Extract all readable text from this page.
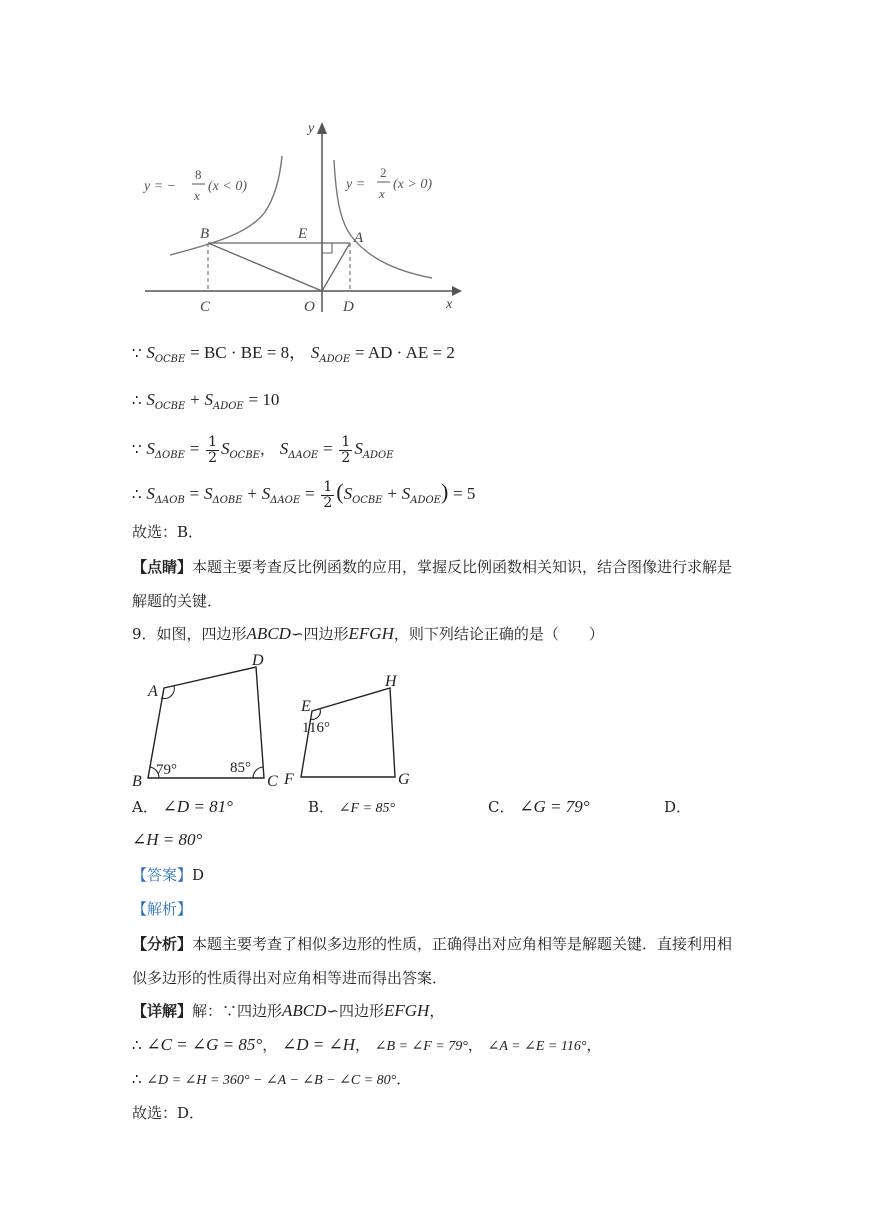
B	E	A
C	O D	x
y
y = −
8
x
(x < 0)	y =
2
x
(x > 0)
∵ $S_{OCBE}$ = BC · BE = 8， $S_{ADOE}$ = AD · AE = 2
∴ $S_{OCBE} + S_{ADOE} = 10$
∵ $S_{\Delta OBE} = \frac{1}{2} S_{OCBE}$， $S_{\Delta AOE} = \frac{1}{2} S_{ADOE}$
∴ $S_{\Delta AOB} = S_{\Delta OBE} + S_{\Delta AOE} = \frac{1}{2} (S_{OCBE} + S_{ADOE}) = 5$
故选：B．
【点睛】本题主要考查反比例函数的应用，掌握反比例函数相关知识，结合图像进行求解是
解题的关键．
9．如图，四边形ABCD∽四边形EFGH，则下列结论正确的是（　　）
A
D
B	C
79°	85°
E
H
F	G
116°
A． ∠D = 81°	B． ∠F = 85°	C． ∠G = 79°	D．
∠H = 80°
【答案】D
【解析】
【分析】本题主要考查了相似多边形的性质，正确得出对应角相等是解题关键．直接利用相
似多边形的性质得出对应角相等进而得出答案．
【详解】解：∵四边形ABCD∽四边形EFGH，
∴ ∠C = ∠G = 85°， ∠D = ∠H， ∠B = ∠F = 79°， ∠A = ∠E = 116°，
∴ ∠D = ∠H = 360° − ∠A − ∠B − ∠C = 80°．
故选：D．
